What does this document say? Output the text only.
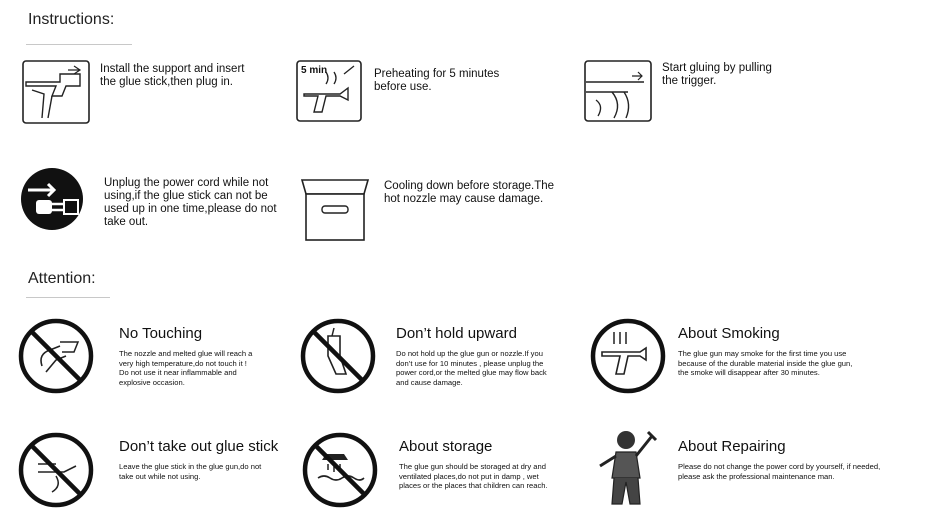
Instructions:
Install the support and insert
the glue stick,then plug in.
5 min	Preheating for 5 minutes
before use.
Start gluing by pulling
the trigger.
Unplug the power cord while not
using,if the glue stick can not be
used up in one time,please do not
take out.
Cooling down before storage.The
hot nozzle may cause damage.
Attention:
No Touching
The nozzle and melted glue will reach a
very high temperature,do not touch it !
Do not use it near inflammable and
explosive occasion.
Don’t hold upward
Do not hold up the glue gun or nozzle.If you
don’t use for 10 minutes , please unplug the
power cord,or the melted glue may flow back
and cause damage.
About Smoking
The glue gun may smoke for the first time you use
because of the durable material inside the glue gun,
the smoke will disappear after 30 minutes.
Don’t take out glue stick
Leave the glue stick in the glue gun,do not
take out while not using.
About storage
The glue gun should be storaged at dry and
ventilated places,do not put in damp , wet
places or the places that children can reach.
About Repairing
Please do not change the power cord by yourself, if needed,
please ask the professional maintenance man.
